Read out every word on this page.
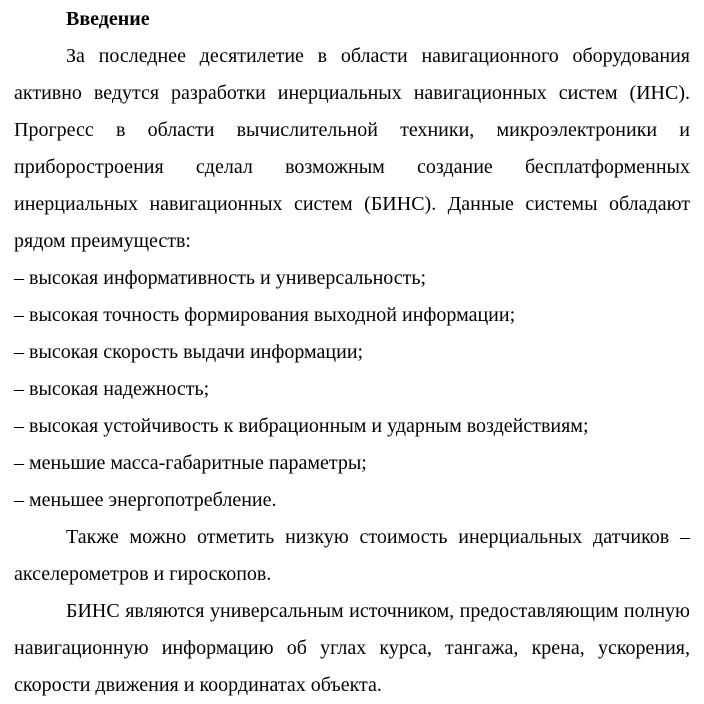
Введение

За последнее десятилетие в области навигационного оборудования активно ведутся разработки инерциальных навигационных систем (ИНС). Прогресс в области вычислительной техники, микроэлектроники и приборостроения сделал возможным создание бесплатформенных инерциальных навигационных систем (БИНС). Данные системы обладают рядом преимуществ:

– высокая информативность и универсальность;

– высокая точность формирования выходной информации;

– высокая скорость выдачи информации;

– высокая надежность;

– высокая устойчивость к вибрационным и ударным воздействиям;

– меньшие масса-габаритные параметры;

– меньшее энергопотребление.

Также можно отметить низкую стоимость инерциальных датчиков – акселерометров и гироскопов.

БИНС являются универсальным источником, предоставляющим полную навигационную информацию об углах курса, тангажа, крена, ускорения, скорости движения и координатах объекта.
